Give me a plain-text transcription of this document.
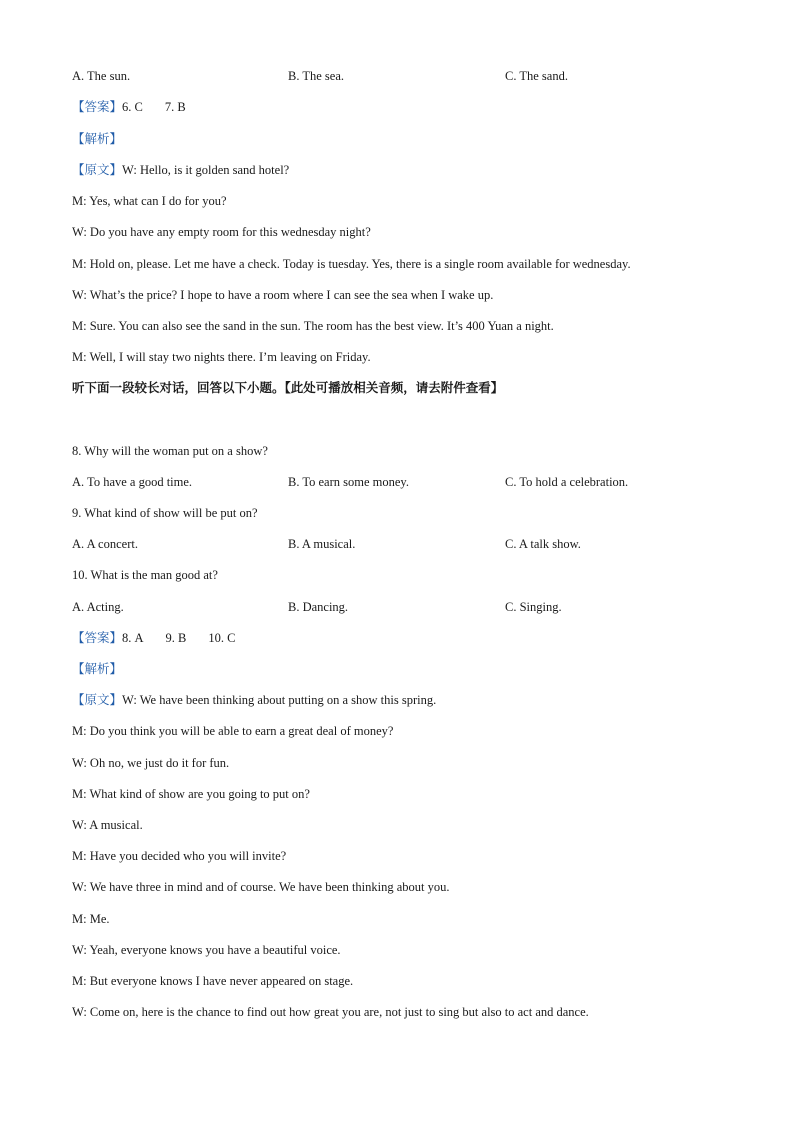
A. The sun.	B. The sea.	C. The sand.
【答案】6. C 7. B
【解析】
【原文】W: Hello, is it golden sand hotel?
M: Yes, what can I do for you?
W: Do you have any empty room for this wednesday night?
M: Hold on, please. Let me have a check. Today is tuesday. Yes, there is a single room available for wednesday.
W: What’s the price? I hope to have a room where I can see the sea when I wake up.
M: Sure. You can also see the sand in the sun. The room has the best view. It’s 400 Yuan a night.
M: Well, I will stay two nights there. I’m leaving on Friday.
听下面一段较长对话，回答以下小题。【此处可播放相关音频，请去附件查看】
8. Why will the woman put on a show?
A. To have a good time.	B. To earn some money.	C. To hold a celebration.
9. What kind of show will be put on?
A. A concert.	B. A musical.	C. A talk show.
10. What is the man good at?
A. Acting.	B. Dancing.	C. Singing.
【答案】8. A 9. B 10. C
【解析】
【原文】W: We have been thinking about putting on a show this spring.
M: Do you think you will be able to earn a great deal of money?
W: Oh no, we just do it for fun.
M: What kind of show are you going to put on?
W: A musical.
M: Have you decided who you will invite?
W: We have three in mind and of course. We have been thinking about you.
M: Me.
W: Yeah, everyone knows you have a beautiful voice.
M: But everyone knows I have never appeared on stage.
W: Come on, here is the chance to find out how great you are, not just to sing but also to act and dance.
